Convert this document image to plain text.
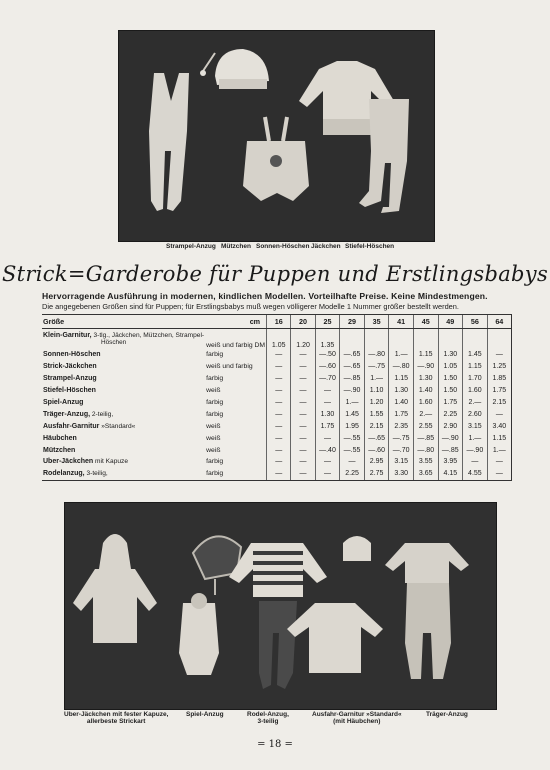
Strampel-Anzug Mützchen Sonnen-Höschen Jäckchen Stiefel-Höschen
Strick=Garderobe für Puppen und Erstlingsbabys
Hervorragende Ausführung in modernen, kindlichen Modellen. Vorteilhafte Preise. Keine Mindestmengen.
Die angegebenen Größen sind für Puppen; für Erstlingsbabys muß wegen völligerer Modelle 1 Nummer größer bestellt werden.
Größe	cm	16	20	25	29	35	41	45	49	56	64
Klein-Garnitur, 3-tlg., Jäckchen, Mützchen, Strampel-
Höschen	weiß und farbig DM	1.05	1.20	1.35							
Sonnen-Höschen	farbig	—	—	—.50	—.65	—.80	1.—	1.15	1.30	1.45	—
Strick-Jäckchen	weiß und farbig	—	—	—.60	—.65	—.75	—.80	—.90	1.05	1.15	1.25
Strampel-Anzug	farbig	—	—	—.70	—.85	1.—	1.15	1.30	1.50	1.70	1.85
Stiefel-Höschen	weiß	—	—	—	—.90	1.10	1.30	1.40	1.50	1.60	1.75
Spiel-Anzug	farbig	—	—	—	1.—	1.20	1.40	1.60	1.75	2.—	2.15
Träger-Anzug, 2-teilig,	farbig	—	—	1.30	1.45	1.55	1.75	2.—	2.25	2.60	—
Ausfahr-Garnitur »Standard«	weiß	—	—	1.75	1.95	2.15	2.35	2.55	2.90	3.15	3.40
Häubchen	weiß	—	—	—	—.55	—.65	—.75	—.85	—.90	1.—	1.15
Mützchen	weiß	—	—	—.40	—.55	—.60	—.70	—.80	—.85	—.90	1.—
Uber-Jäckchen mit Kapuze	farbig	—	—	—	—	2.95	3.15	3.55	3.95	—	—
Rodelanzug, 3-teilig,	farbig	—	—	—	2.25	2.75	3.30	3.65	4.15	4.55	—
Uber-Jäckchen mit fester Kapuze,
allerbeste Strickart
Spiel-Anzug	Rodel-Anzug,
3-teilig
Ausfahr-Garnitur »Standard«
(mit Häubchen)
Träger-Anzug
= 18 =
